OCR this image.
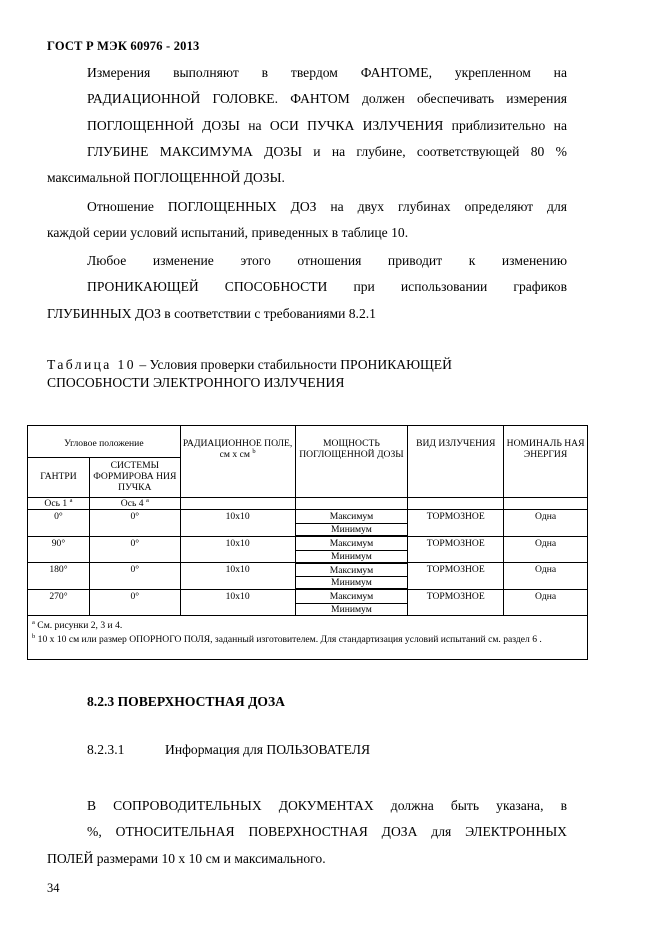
ГОСТ Р МЭК 60976 - 2013
Измерения выполняют в твердом ФАНТОМЕ, укрепленном на
РАДИАЦИОННОЙ ГОЛОВКЕ. ФАНТОМ должен обеспечивать измерения
ПОГЛОЩЕННОЙ ДОЗЫ на ОСИ ПУЧКА ИЗЛУЧЕНИЯ приблизительно на
ГЛУБИНЕ МАКСИМУМА ДОЗЫ и на глубине, соответствующей 80 %
максимальной ПОГЛОЩЕННОЙ ДОЗЫ.
Отношение ПОГЛОЩЕННЫХ ДОЗ на двух глубинах определяют для
каждой серии условий испытаний, приведенных в таблице 10.
Любое изменение этого отношения приводит к изменению
ПРОНИКАЮЩЕЙ СПОСОБНОСТИ при использовании графиков
ГЛУБИННЫХ ДОЗ в соответствии с требованиями 8.2.1
Таблица 10 – Условия проверки стабильности ПРОНИКАЮЩЕЙ
СПОСОБНОСТИ ЭЛЕКТРОННОГО ИЗЛУЧЕНИЯ
Угловое положение		РАДИАЦИОННОЕ ПОЛЕ,
см х см $^b$	МОЩНОСТЬ ПОГЛОЩЕННОЙ ДОЗЫ	ВИД ИЗЛУЧЕНИЯ	НОМИНАЛЬ НАЯ ЭНЕРГИЯ
ГАНТРИ	СИСТЕМЫ ФОРМИРОВА НИЯ ПУЧКА				
Ось 1 $^a$	Ось 4 $^a$				
0°	0°	10х10	Максимум	ТОРМОЗНОЕ	Одна
			Минимум		
90°	0°	10х10	Максимум	ТОРМОЗНОЕ	Одна
			Минимум		
180°	0°	10х10	Максимум	ТОРМОЗНОЕ	Одна
			Минимум		
270°	0°	10х10	Максимум	ТОРМОЗНОЕ	Одна
			Минимум		
$^a$ См. рисунки 2, 3 и 4.
$^b$ 10 х 10 см или размер ОПОРНОГО ПОЛЯ, заданный изготовителем. Для стандартизация условий испытаний см. раздел 6 .					
8.2.3 ПОВЕРХНОСТНАЯ ДОЗА
8.2.3.1	Информация для ПОЛЬЗОВАТЕЛЯ
В СОПРОВОДИТЕЛЬНЫХ ДОКУМЕНТАХ должна быть указана, в
%, ОТНОСИТЕЛЬНАЯ ПОВЕРХНОСТНАЯ ДОЗА для ЭЛЕКТРОННЫХ
ПОЛЕЙ размерами 10 х 10 см и максимального.
34
